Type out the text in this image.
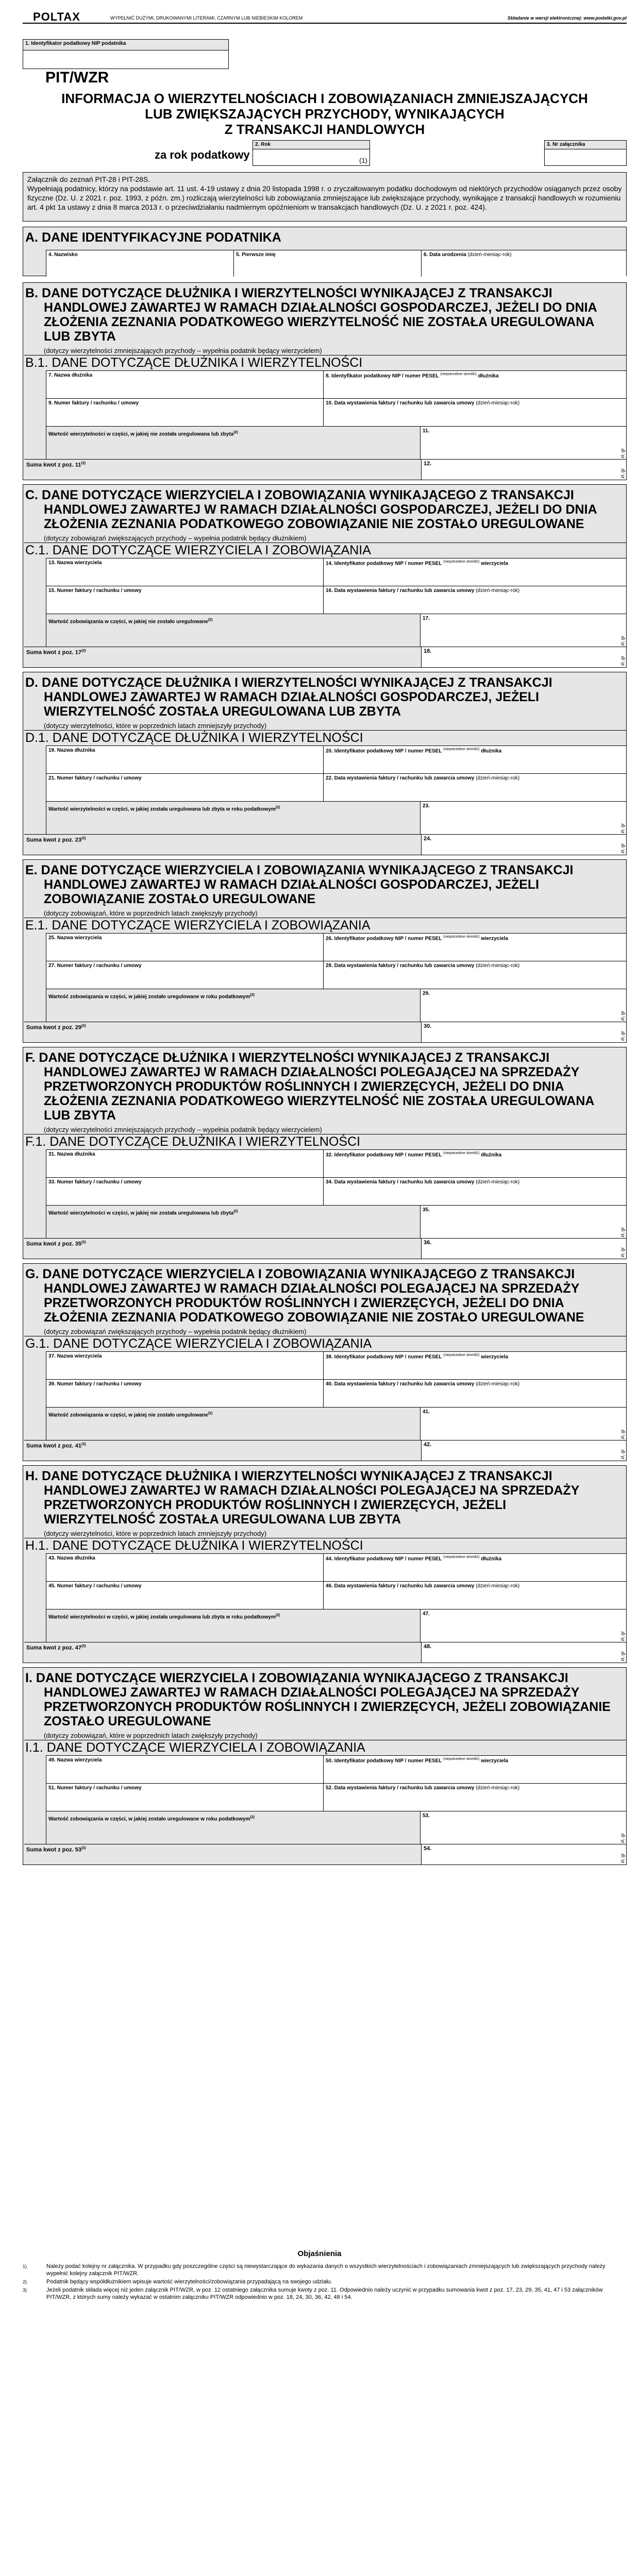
POLTAX	WYPEŁNIĆ DUŻYMI, DRUKOWANYMI LITERAMI, CZARNYM LUB NIEBIESKIM KOLOREM	Składanie w wersji elektronicznej: www.podatki.gov.pl
1. Identyfikator podatkowy NIP podatnika
PIT/WZR
INFORMACJA O WIERZYTELNOŚCIACH I ZOBOWIĄZANIACH ZMNIEJSZAJĄCYCH
LUB ZWIĘKSZAJĄCYCH PRZYCHODY, WYNIKAJĄCYCH
Z TRANSAKCJI HANDLOWYCH
za rok podatkowy
2. Rok
(1)
3. Nr załącznika
Załącznik do zeznań PIT-28 i PIT-28S.
Wypełniają podatnicy, którzy na podstawie art. 11 ust. 4-19 ustawy z dnia 20 listopada 1998 r. o zryczałtowanym podatku dochodowym od niektórych przychodów osiąganych przez osoby fizyczne (Dz. U. z 2021 r. poz. 1993, z późn. zm.) rozliczają wierzytelności lub zobowiązania zmniejszające lub zwiększające przychody, wynikające z transakcji handlowych w rozumieniu art. 4 pkt 1a ustawy z dnia 8 marca 2013 r. o przeciwdziałaniu nadmiernym opóźnieniom w transakcjach handlowych (Dz. U. z 2021 r. poz. 424).
A. DANE IDENTYFIKACYJNE PODATNIKA
4. Nazwisko	5. Pierwsze imię	6. Data urodzenia (dzień-miesiąc-rok)
B. DANE DOTYCZĄCE DŁUŻNIKA I WIERZYTELNOŚCI WYNIKAJĄCEJ Z TRANSAKCJI
HANDLOWEJ ZAWARTEJ W RAMACH DZIAŁALNOŚCI GOSPODARCZEJ, JEŻELI DO DNIA
ZŁOŻENIA ZEZNANIA PODATKOWEGO WIERZYTELNOŚĆ NIE ZOSTAŁA UREGULOWANA
LUB ZBYTA
(dotyczy wierzytelności zmniejszających przychody – wypełnia podatnik będący wierzycielem)
B.1. DANE DOTYCZĄCE DŁUŻNIKA I WIERZYTELNOŚCI
7. Nazwa dłużnika	8. Identyfikator podatkowy NIP / numer PESEL $^{(niepotrzebne skreślić)}$ dłużnika
9. Numer faktury / rachunku / umowy	10. Data wystawienia faktury / rachunku lub zawarcia umowy (dzień-miesiąc-rok)
Wartość wierzytelności w części, w jakiej nie została uregulowana lub zbyta$^{(2)}$	11.
zł, gr
Suma kwot z poz. 11$^{(3)}$	12.
zł, gr
C. DANE DOTYCZĄCE WIERZYCIELA I ZOBOWIĄZANIA WYNIKAJĄCEGO Z TRANSAKCJI
HANDLOWEJ ZAWARTEJ W RAMACH DZIAŁALNOŚCI GOSPODARCZEJ, JEŻELI DO DNIA
ZŁOŻENIA ZEZNANIA PODATKOWEGO ZOBOWIĄZANIE NIE ZOSTAŁO UREGULOWANE
(dotyczy zobowiązań zwiększających przychody – wypełnia podatnik będący dłużnikiem)
C.1. DANE DOTYCZĄCE WIERZYCIELA I ZOBOWIĄZANIA
13. Nazwa wierzyciela	14. Identyfikator podatkowy NIP / numer PESEL $^{(niepotrzebne skreślić)}$ wierzyciela
15. Numer faktury / rachunku / umowy	16. Data wystawienia faktury / rachunku lub zawarcia umowy (dzień-miesiąc-rok)
Wartość zobowiązania w części, w jakiej nie zostało uregulowane$^{(2)}$	17.
zł, gr
Suma kwot z poz. 17$^{(3)}$	18.
zł, gr
D. DANE DOTYCZĄCE DŁUŻNIKA I WIERZYTELNOŚCI WYNIKAJĄCEJ Z TRANSAKCJI
HANDLOWEJ ZAWARTEJ W RAMACH DZIAŁALNOŚCI GOSPODARCZEJ, JEŻELI
WIERZYTELNOŚĆ ZOSTAŁA UREGULOWANA LUB ZBYTA
(dotyczy wierzytelności, które w poprzednich latach zmniejszyły przychody)
D.1. DANE DOTYCZĄCE DŁUŻNIKA I WIERZYTELNOŚCI
19. Nazwa dłużnika	20. Identyfikator podatkowy NIP / numer PESEL $^{(niepotrzebne skreślić)}$ dłużnika
21. Numer faktury / rachunku / umowy	22. Data wystawienia faktury / rachunku lub zawarcia umowy (dzień-miesiąc-rok)
Wartość wierzytelności w części, w jakiej została uregulowana lub zbyta w roku podatkowym$^{(2)}$	23.
zł, gr
Suma kwot z poz. 23$^{(3)}$	24.
zł, gr
E. DANE DOTYCZĄCE WIERZYCIELA I ZOBOWIĄZANIA WYNIKAJĄCEGO Z TRANSAKCJI
HANDLOWEJ ZAWARTEJ W RAMACH DZIAŁALNOŚCI GOSPODARCZEJ, JEŻELI
ZOBOWIĄZANIE ZOSTAŁO UREGULOWANE
(dotyczy zobowiązań, które w poprzednich latach zwiększyły przychody)
E.1. DANE DOTYCZĄCE WIERZYCIELA I ZOBOWIĄZANIA
25. Nazwa wierzyciela	26. Identyfikator podatkowy NIP / numer PESEL $^{(niepotrzebne skreślić)}$ wierzyciela
27. Numer faktury / rachunku / umowy	28. Data wystawienia faktury / rachunku lub zawarcia umowy (dzień-miesiąc-rok)
Wartość zobowiązania w części, w jakiej zostało uregulowane w roku podatkowym$^{(2)}$	29.
zł, gr
Suma kwot z poz. 29$^{(3)}$	30.
zł, gr
F. DANE DOTYCZĄCE DŁUŻNIKA I WIERZYTELNOŚCI WYNIKAJĄCEJ Z TRANSAKCJI
HANDLOWEJ ZAWARTEJ W RAMACH DZIAŁALNOŚCI POLEGAJĄCEJ NA SPRZEDAŻY
PRZETWORZONYCH PRODUKTÓW ROŚLINNYCH I ZWIERZĘCYCH, JEŻELI DO DNIA
ZŁOŻENIA ZEZNANIA PODATKOWEGO WIERZYTELNOŚĆ NIE ZOSTAŁA UREGULOWANA
LUB ZBYTA
(dotyczy wierzytelności zmniejszających przychody – wypełnia podatnik będący wierzycielem)
F.1. DANE DOTYCZĄCE DŁUŻNIKA I WIERZYTELNOŚCI
31. Nazwa dłużnika	32. Identyfikator podatkowy NIP / numer PESEL $^{(niepotrzebne skreślić)}$ dłużnika
33. Numer faktury / rachunku / umowy	34. Data wystawienia faktury / rachunku lub zawarcia umowy (dzień-miesiąc-rok)
Wartość wierzytelności w części, w jakiej nie została uregulowana lub zbyta$^{(2)}$	35.
zł, gr
Suma kwot z poz. 35$^{(3)}$	36.
zł, gr
G. DANE DOTYCZĄCE WIERZYCIELA I ZOBOWIĄZANIA WYNIKAJĄCEGO Z TRANSAKCJI
HANDLOWEJ ZAWARTEJ W RAMACH DZIAŁALNOŚCI POLEGAJĄCEJ NA SPRZEDAŻY
PRZETWORZONYCH PRODUKTÓW ROŚLINNYCH I ZWIERZĘCYCH, JEŻELI DO DNIA
ZŁOŻENIA ZEZNANIA PODATKOWEGO ZOBOWIĄZANIE NIE ZOSTAŁO UREGULOWANE
(dotyczy zobowiązań zwiększających przychody – wypełnia podatnik będący dłużnikiem)
G.1. DANE DOTYCZĄCE WIERZYCIELA I ZOBOWIĄZANIA
37. Nazwa wierzyciela	38. Identyfikator podatkowy NIP / numer PESEL $^{(niepotrzebne skreślić)}$ wierzyciela
39. Numer faktury / rachunku / umowy	40. Data wystawienia faktury / rachunku lub zawarcia umowy (dzień-miesiąc-rok)
Wartość zobowiązania w części, w jakiej nie zostało uregulowane$^{(2)}$	41.
zł, gr
Suma kwot z poz. 41$^{(3)}$	42.
zł, gr
H. DANE DOTYCZĄCE DŁUŻNIKA I WIERZYTELNOŚCI WYNIKAJĄCEJ Z TRANSAKCJI
HANDLOWEJ ZAWARTEJ W RAMACH DZIAŁALNOŚCI POLEGAJĄCEJ NA SPRZEDAŻY
PRZETWORZONYCH PRODUKTÓW ROŚLINNYCH I ZWIERZĘCYCH, JEŻELI
WIERZYTELNOŚĆ ZOSTAŁA UREGULOWANA LUB ZBYTA
(dotyczy wierzytelności, które w poprzednich latach zmniejszyły przychody)
H.1. DANE DOTYCZĄCE DŁUŻNIKA I WIERZYTELNOŚCI
43. Nazwa dłużnika	44. Identyfikator podatkowy NIP / numer PESEL $^{(niepotrzebne skreślić)}$ dłużnika
45. Numer faktury / rachunku / umowy	46. Data wystawienia faktury / rachunku lub zawarcia umowy (dzień-miesiąc-rok)
Wartość wierzytelności w części, w jakiej została uregulowana lub zbyta w roku podatkowym$^{(2)}$	47.
zł, gr
Suma kwot z poz. 47$^{(3)}$	48.
zł, gr
I. DANE DOTYCZĄCE WIERZYCIELA I ZOBOWIĄZANIA WYNIKAJĄCEGO Z TRANSAKCJI
HANDLOWEJ ZAWARTEJ W RAMACH DZIAŁALNOŚCI POLEGAJĄCEJ NA SPRZEDAŻY
PRZETWORZONYCH PRODUKTÓW ROŚLINNYCH I ZWIERZĘCYCH, JEŻELI ZOBOWIĄZANIE
ZOSTAŁO UREGULOWANE
(dotyczy zobowiązań, które w poprzednich latach zwiększyły przychody)
I.1. DANE DOTYCZĄCE WIERZYCIELA I ZOBOWIĄZANIA
49. Nazwa wierzyciela	50. Identyfikator podatkowy NIP / numer PESEL $^{(niepotrzebne skreślić)}$ wierzyciela
51. Numer faktury / rachunku / umowy	52. Data wystawienia faktury / rachunku lub zawarcia umowy (dzień-miesiąc-rok)
Wartość zobowiązania w części, w jakiej zostało uregulowane w roku podatkowym$^{(2)}$	53.
zł, gr
Suma kwot z poz. 53$^{(3)}$	54.
zł, gr
Objaśnienia
1)	Należy podać kolejny nr załącznika. W przypadku gdy poszczególne części są niewystarczające do wykazania danych o wszystkich wierzytelnościach i zobowiązaniach zmniejszających lub zwiększających przychody należy wypełnić kolejny załącznik PIT/WZR.
2)	Podatnik będący współdłużnikiem wpisuje wartość wierzytelności/zobowiązania przypadającą na swojego udziału.
3)	Jeżeli podatnik składa więcej niż jeden załącznik PIT/WZR, w poz. 12 ostatniego załącznika sumuje kwoty z poz. 11. Odpowiednio należy uczynić w przypadku sumowania kwot z poz. 17, 23, 29, 35, 41, 47 i 53 załączników PIT/WZR, z których sumy należy wykazać w ostatnim załączniku PIT/WZR odpowiednio w poz. 18, 24, 30, 36, 42, 48 i 54.
